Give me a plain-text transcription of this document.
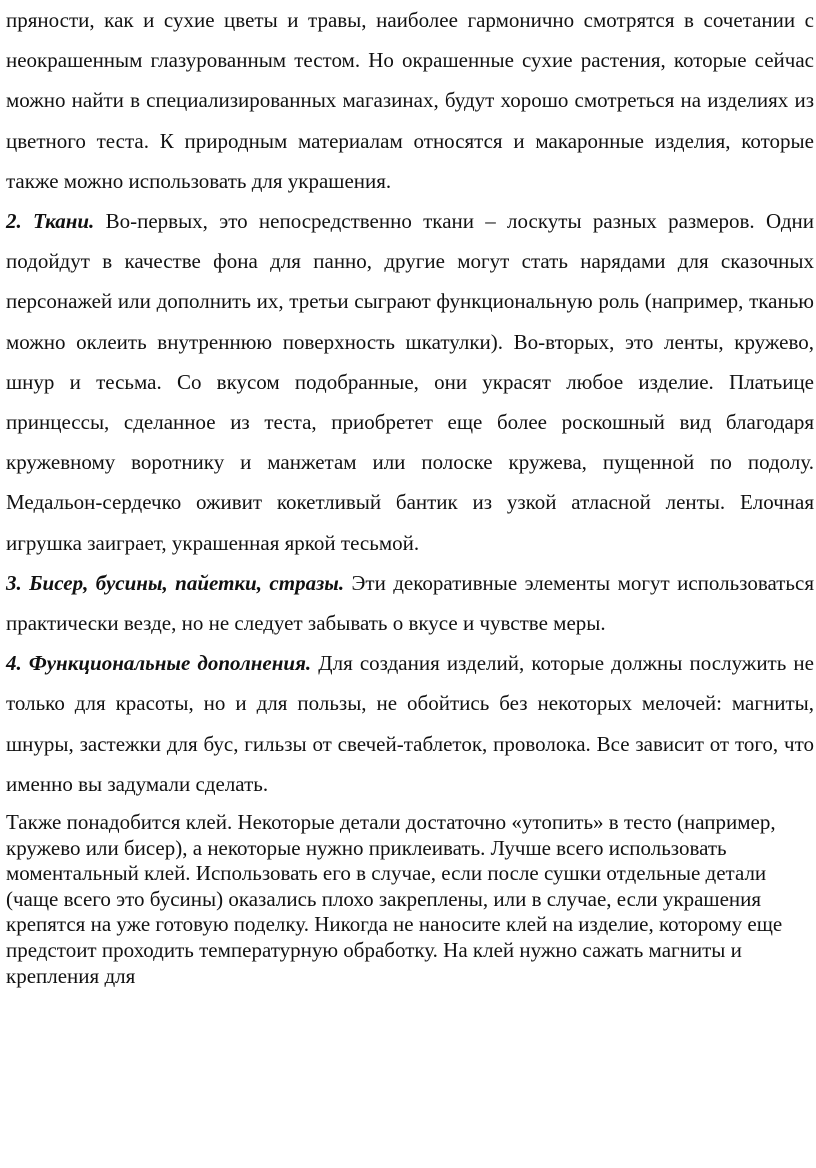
пряности, как и сухие цветы и травы, наиболее гармонично смотрятся в сочетании с неокрашенным глазурованным тестом. Но окрашенные сухие растения, которые сейчас можно найти в специализированных магазинах, будут хорошо смотреться на изделиях из цветного теста. К природным материалам относятся и макаронные изделия, которые также можно использовать для украшения.

2. Ткани. Во-первых, это непосредственно ткани – лоскуты разных размеров. Одни подойдут в качестве фона для панно, другие могут стать нарядами для сказочных персонажей или дополнить их, третьи сыграют функциональную роль (например, тканью можно оклеить внутреннюю поверхность шкатулки). Во-вторых, это ленты, кружево, шнур и тесьма. Со вкусом подобранные, они украсят любое изделие. Платьице принцессы, сделанное из теста, приобретет еще более роскошный вид благодаря кружевному воротнику и манжетам или полоске кружева, пущенной по подолу. Медальон-сердечко оживит кокетливый бантик из узкой атласной ленты. Елочная игрушка заиграет, украшенная яркой тесьмой.

3. Бисер, бусины, пайетки, стразы. Эти декоративные элементы могут использоваться практически везде, но не следует забывать о вкусе и чувстве меры.

4. Функциональные дополнения. Для создания изделий, которые должны послужить не только для красоты, но и для пользы, не обойтись без некоторых мелочей: магниты, шнуры, застежки для бус, гильзы от свечей-таблеток, проволока. Все зависит от того, что именно вы задумали сделать.

Также понадобится клей. Некоторые детали достаточно «утопить» в тесто (например, кружево или бисер), а некоторые нужно приклеивать. Лучше всего использовать моментальный клей. Использовать его в случае, если после сушки отдельные детали (чаще всего это бусины) оказались плохо закреплены, или в случае, если украшения крепятся на уже готовую поделку. Никогда не наносите клей на изделие, которому еще предстоит проходить температурную обработку. На клей нужно сажать магниты и крепления для
